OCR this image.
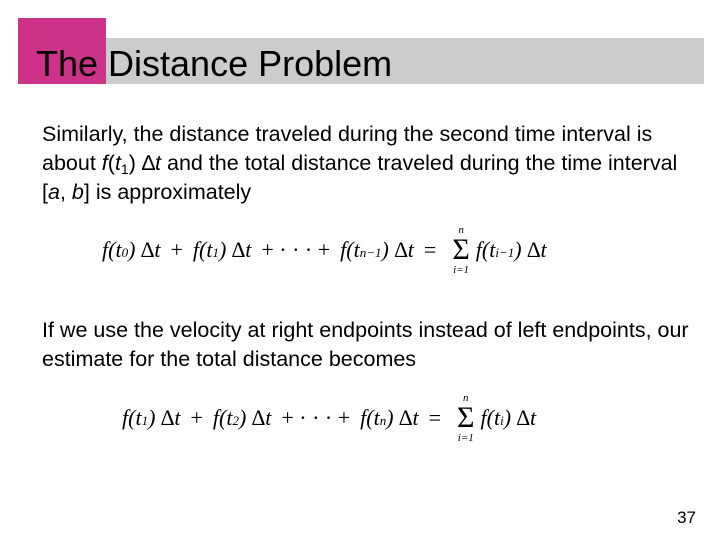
The Distance Problem

Similarly, the distance traveled during the second time interval is about $f(t_1)$ ∆t and the total distance traveled during the time interval [a, b] is approximately

f(t 0 ) ∆t + f(t 1 ) ∆t + · · · + f(t n−1 ) ∆t =
n
Σ
i=1
f(t i−1 ) ∆t

If we use the velocity at right endpoints instead of left endpoints, our estimate for the total distance becomes

f(t 1 ) ∆t + f(t 2 ) ∆t + · · · + f(t n ) ∆t =
n
Σ
i=1
f(t i ) ∆t

37
